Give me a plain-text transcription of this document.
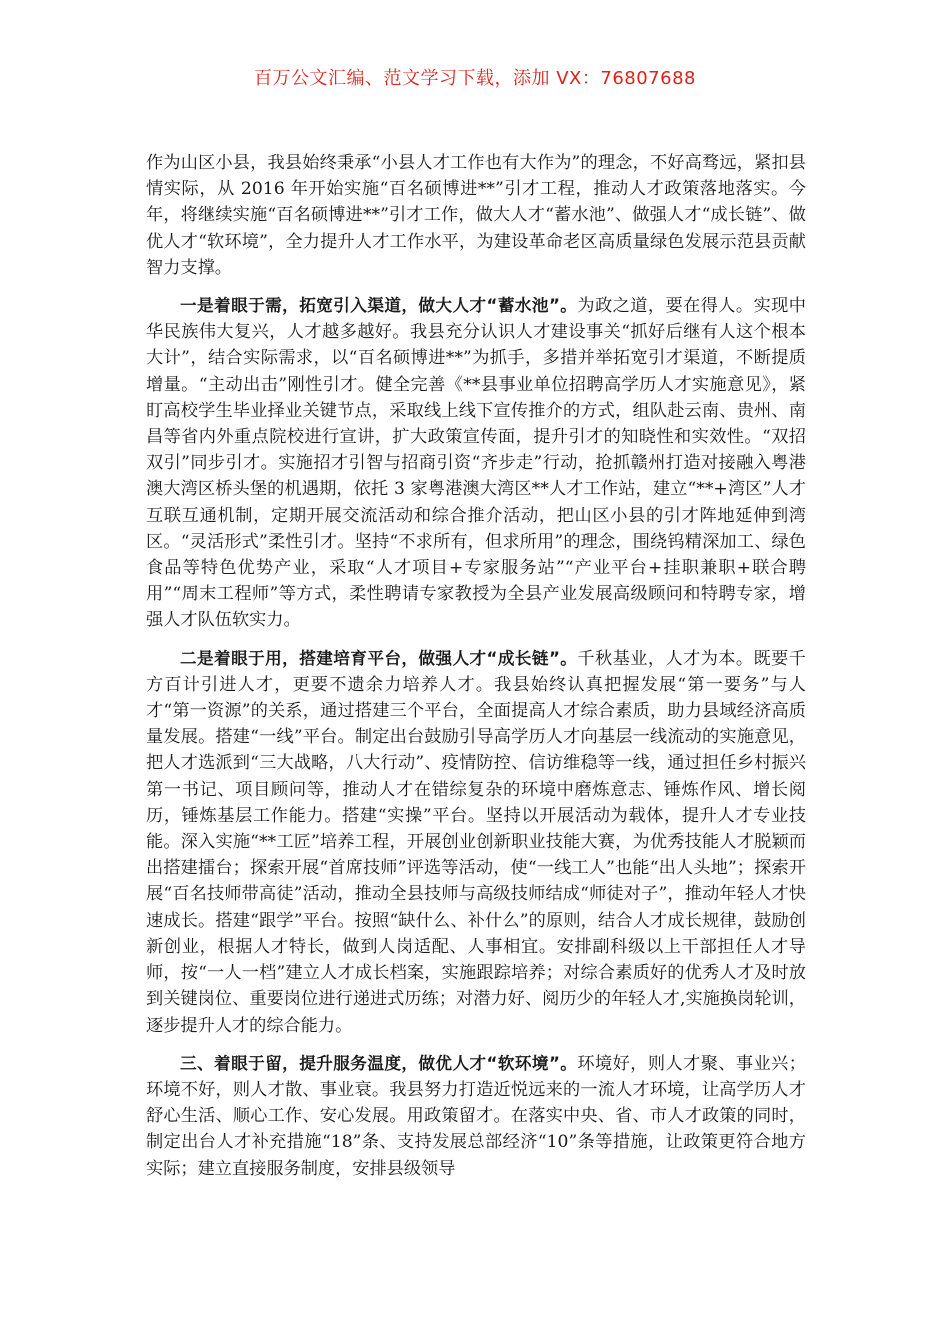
百万公文汇编、范文学习下载，添加 VX：76807688

作为山区小县，我县始终秉承“小县人才工作也有大作为”的理念，不好高骛远，紧扣县情实际，从 2016 年开始实施“百名硕博进**”引才工程，推动人才政策落地落实。今年，将继续实施“百名硕博进**”引才工作，做大人才“蓄水池”、做强人才“成长链”、做优人才“软环境”，全力提升人才工作水平，为建设革命老区高质量绿色发展示范县贡献智力支撑。

一是着眼于需，拓宽引入渠道，做大人才“蓄水池”。为政之道，要在得人。实现中华民族伟大复兴，人才越多越好。我县充分认识人才建设事关“抓好后继有人这个根本大计”，结合实际需求，以“百名硕博进**”为抓手，多措并举拓宽引才渠道，不断提质增量。“主动出击”刚性引才。健全完善《**县事业单位招聘高学历人才实施意见》，紧盯高校学生毕业择业关键节点，采取线上线下宣传推介的方式，组队赴云南、贵州、南昌等省内外重点院校进行宣讲，扩大政策宣传面，提升引才的知晓性和实效性。“双招双引”同步引才。实施招才引智与招商引资“齐步走”行动，抢抓赣州打造对接融入粤港澳大湾区桥头堡的机遇期，依托 3 家粤港澳大湾区**人才工作站，建立“**+湾区”人才互联互通机制，定期开展交流活动和综合推介活动，把山区小县的引才阵地延伸到湾区。“灵活形式”柔性引才。坚持“不求所有，但求所用”的理念，围绕钨精深加工、绿色食品等特色优势产业，采取“人才项目+专家服务站”“产业平台+挂职兼职+联合聘用”“周末工程师”等方式，柔性聘请专家教授为全县产业发展高级顾问和特聘专家，增强人才队伍软实力。

二是着眼于用，搭建培育平台，做强人才“成长链”。千秋基业，人才为本。既要千方百计引进人才，更要不遗余力培养人才。我县始终认真把握发展“第一要务”与人才“第一资源”的关系，通过搭建三个平台，全面提高人才综合素质，助力县域经济高质量发展。搭建“一线”平台。制定出台鼓励引导高学历人才向基层一线流动的实施意见，把人才选派到“三大战略，八大行动”、疫情防控、信访维稳等一线，通过担任乡村振兴第一书记、项目顾问等，推动人才在错综复杂的环境中磨炼意志、锤炼作风、增长阅历，锤炼基层工作能力。搭建“实操”平台。坚持以开展活动为载体，提升人才专业技能。深入实施“**工匠”培养工程，开展创业创新职业技能大赛，为优秀技能人才脱颖而出搭建擂台；探索开展“首席技师”评选等活动，使“一线工人”也能“出人头地”；探索开展“百名技师带高徒”活动，推动全县技师与高级技师结成“师徒对子”，推动年轻人才快速成长。搭建“跟学”平台。按照“缺什么、补什么”的原则，结合人才成长规律，鼓励创新创业，根据人才特长，做到人岗适配、人事相宜。安排副科级以上干部担任人才导师，按“一人一档”建立人才成长档案，实施跟踪培养；对综合素质好的优秀人才及时放到关键岗位、重要岗位进行递进式历练；对潜力好、阅历少的年轻人才,实施换岗轮训，逐步提升人才的综合能力。

三、着眼于留，提升服务温度，做优人才“软环境”。环境好，则人才聚、事业兴；环境不好，则人才散、事业衰。我县努力打造近悦远来的一流人才环境，让高学历人才舒心生活、顺心工作、安心发展。用政策留才。在落实中央、省、市人才政策的同时，制定出台人才补充措施“18”条、支持发展总部经济“10”条等措施，让政策更符合地方实际；建立直接服务制度，安排县级领导
